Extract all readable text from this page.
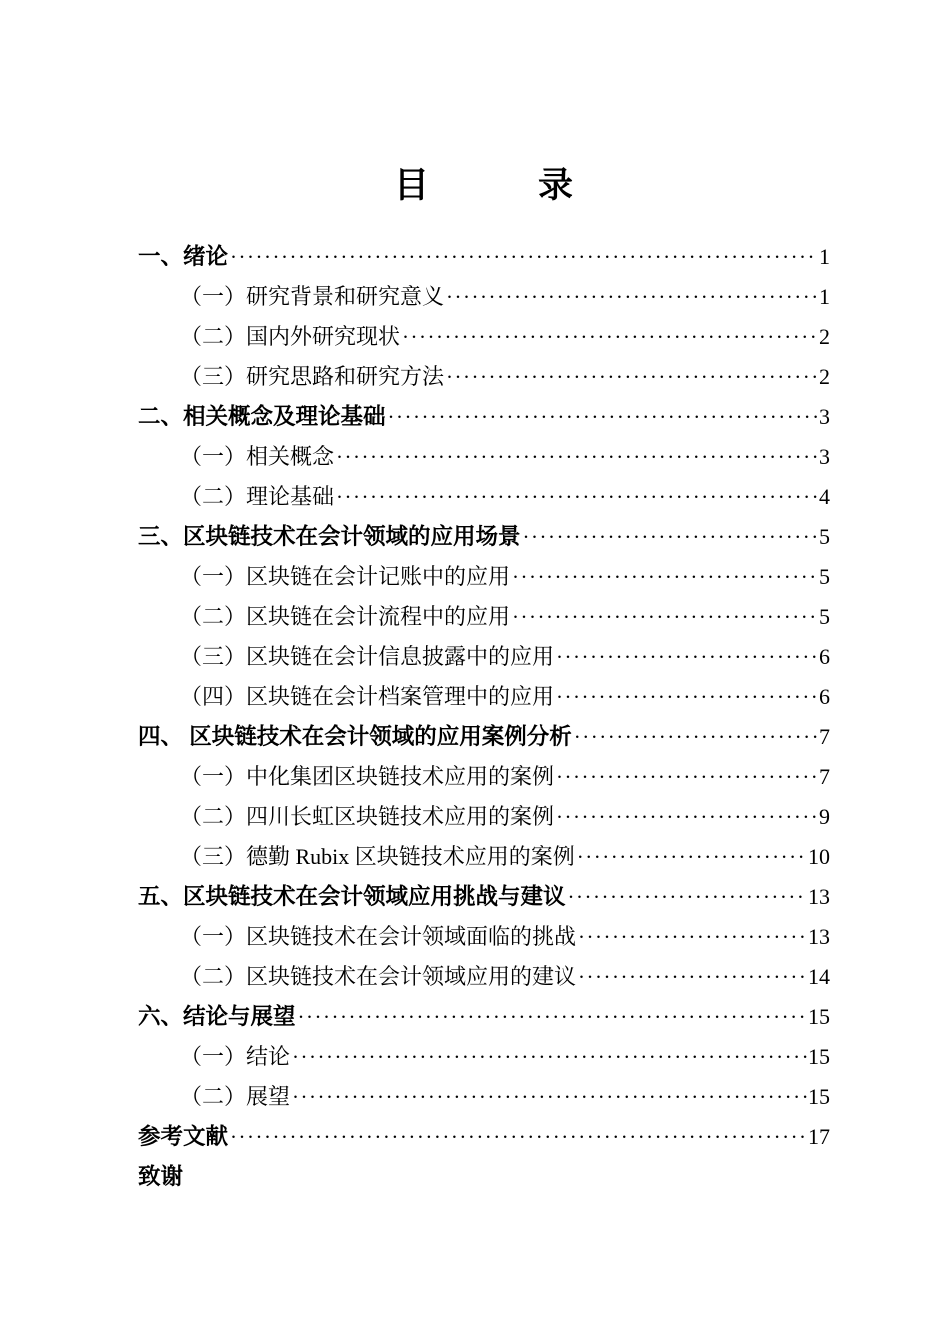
目　　　录
一、绪论 ·····	1
（一）研究背景和研究意义 ·····	1
（二）国内外研究现状 ·····	2
（三）研究思路和研究方法 ·····	2
二、相关概念及理论基础 ·····	3
（一）相关概念 ·····	3
（二）理论基础 ·····	4
三、区块链技术在会计领域的应用场景 ·····	5
（一）区块链在会计记账中的应用 ·····	5
（二）区块链在会计流程中的应用 ·····	5
（三）区块链在会计信息披露中的应用 ·····	6
（四）区块链在会计档案管理中的应用 ·····	6
四、 区块链技术在会计领域的应用案例分析 ·····	7
（一）中化集团区块链技术应用的案例 ·····	7
（二）四川长虹区块链技术应用的案例 ·····	9
（三）德勤 Rubix 区块链技术应用的案例 ·····	10
五、区块链技术在会计领域应用挑战与建议 ·····	13
（一）区块链技术在会计领域面临的挑战 ·····	13
（二）区块链技术在会计领域应用的建议 ·····	14
六、结论与展望 ·····	15
（一）结论 ·····	15
（二）展望 ·····	15
参考文献 ·····	17
致谢
